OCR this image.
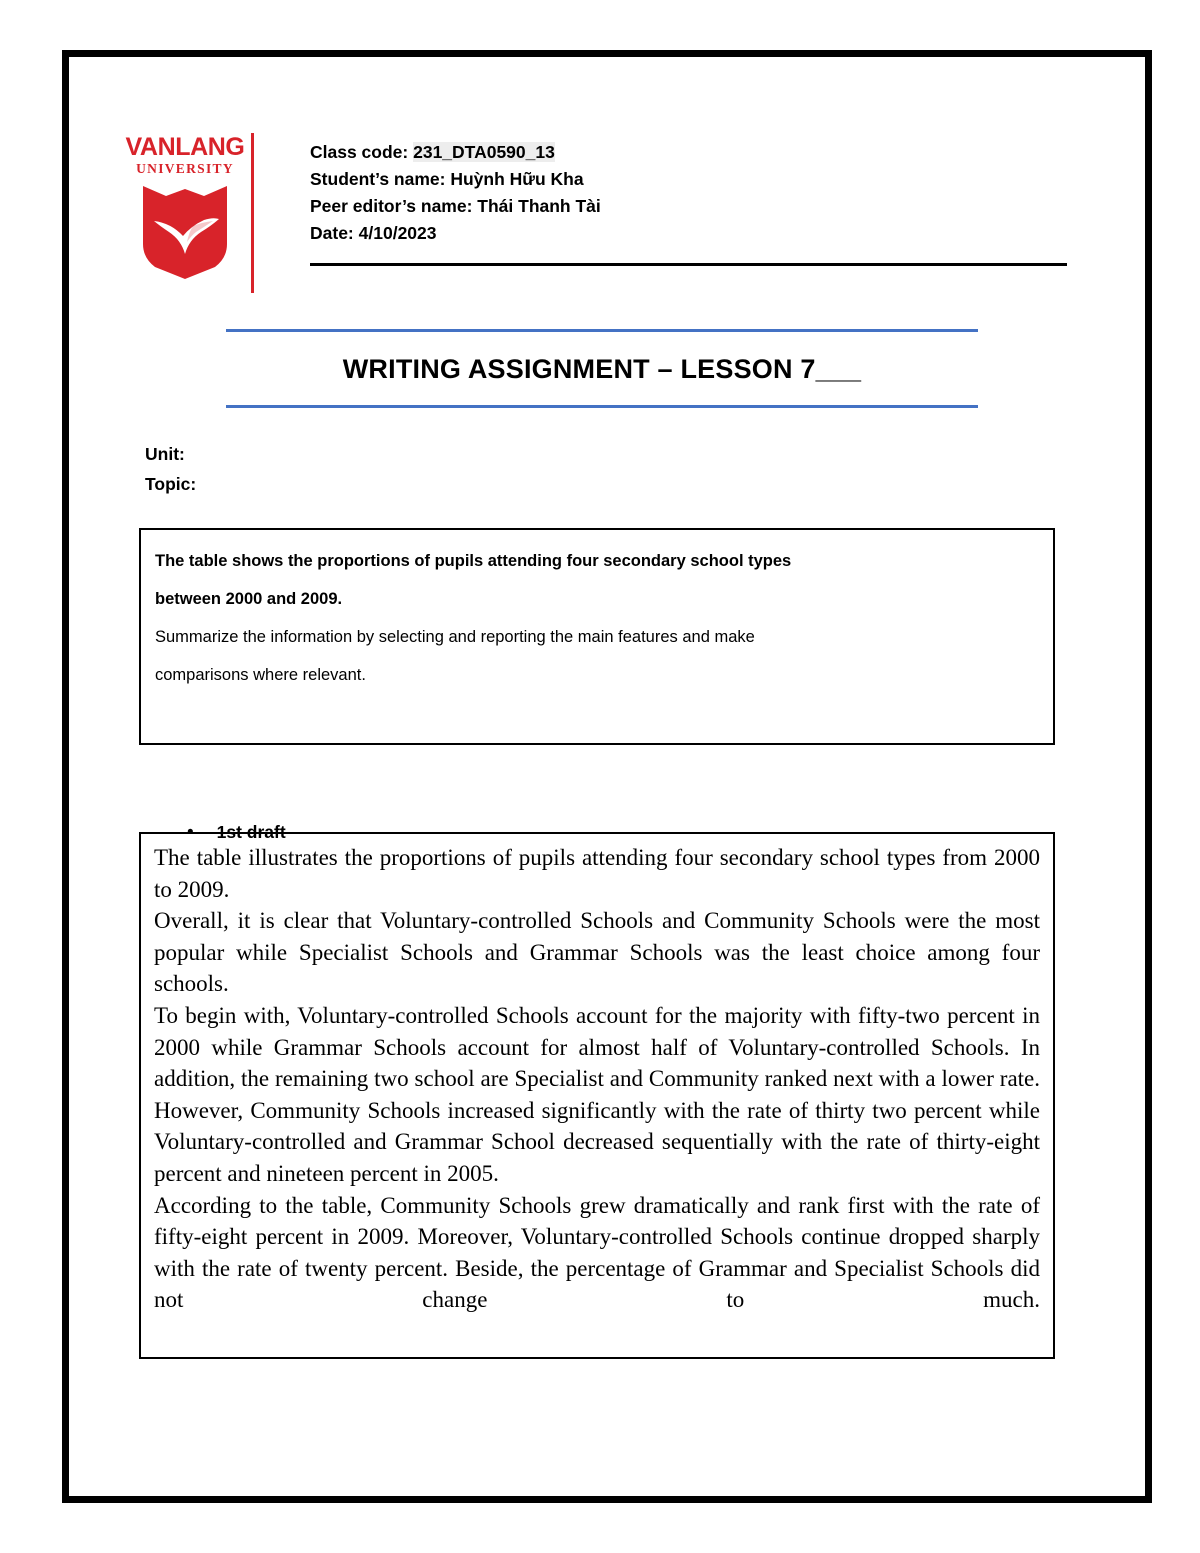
VANLANG
UNIVERSITY
Class code: 231_DTA0590_13
Student’s name: Huỳnh Hữu Kha
Peer editor’s name: Thái Thanh Tài
Date: 4/10/2023
WRITING ASSIGNMENT – LESSON 7___
Unit:
Topic:
The table shows the proportions of pupils attending four secondary school types
between 2000 and 2009.
Summarize the information by selecting and reporting the main features and make
comparisons where relevant.
• 1st draft

The table illustrates the proportions of pupils attending four secondary school types from 2000 to 2009.

Overall, it is clear that Voluntary-controlled Schools and Community Schools were the most popular while Specialist Schools and Grammar Schools was the least choice among four schools.

To begin with, Voluntary-controlled Schools account for the majority with fifty-two percent in 2000 while Grammar Schools account for almost half of Voluntary-controlled Schools. In addition, the remaining two school are Specialist and Community ranked next with a lower rate. However, Community Schools increased significantly with the rate of thirty two percent while Voluntary-controlled and Grammar School decreased sequentially with the rate of thirty-eight percent and nineteen percent in 2005.

According to the table, Community Schools grew dramatically and rank first with the rate of fifty-eight percent in 2009. Moreover, Voluntary-controlled Schools continue dropped sharply with the rate of twenty percent. Beside, the percentage of Grammar and Specialist Schools did not change to much.
